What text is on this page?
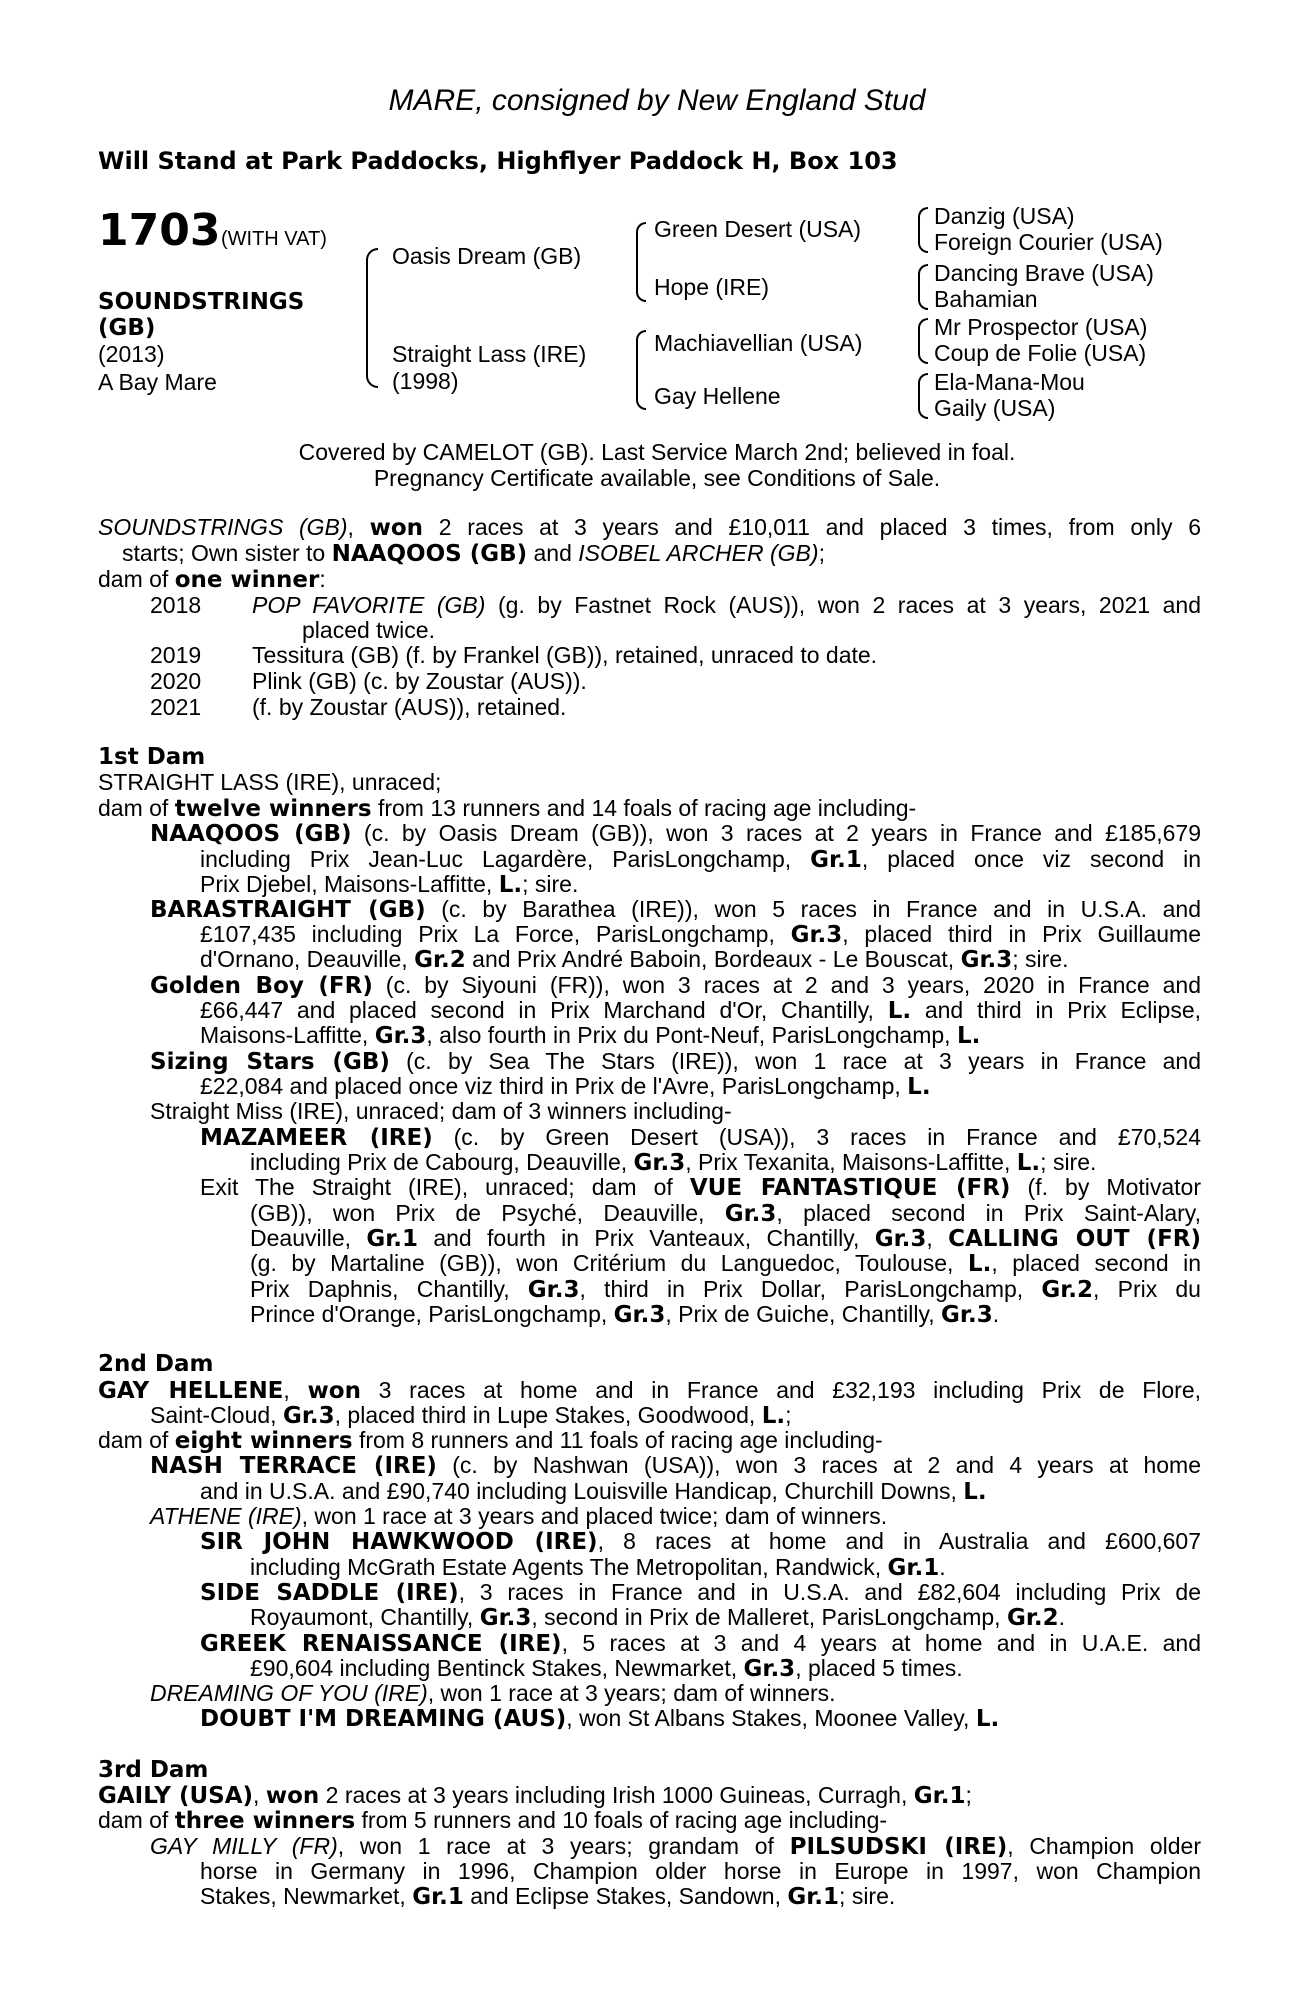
MARE, consigned by New England Stud
Will Stand at Park Paddocks, Highflyer Paddock H, Box 103
1703 (WITH VAT)
SOUNDSTRINGS
(GB)
(2013)
A Bay Mare
Oasis Dream (GB)
Straight Lass (IRE)
(1998)
Green Desert (USA)
Hope (IRE)
Machiavellian (USA)
Gay Hellene
Danzig (USA)
Foreign Courier (USA)
Dancing Brave (USA)
Bahamian
Mr Prospector (USA)
Coup de Folie (USA)
Ela-Mana-Mou
Gaily (USA)
Covered by CAMELOT (GB). Last Service March 2nd; believed in foal.
Pregnancy Certificate available, see Conditions of Sale.
SOUNDSTRINGS (GB), won 2 races at 3 years and £10,011 and placed 3 times, from only 6
starts; Own sister to NAAQOOS (GB) and ISOBEL ARCHER (GB);
dam of one winner:
2018 POP FAVORITE (GB) (g. by Fastnet Rock (AUS)), won 2 races at 3 years, 2021 and
placed twice.
2019 Tessitura (GB) (f. by Frankel (GB)), retained, unraced to date.
2020 Plink (GB) (c. by Zoustar (AUS)).
2021 (f. by Zoustar (AUS)), retained.
1st Dam
STRAIGHT LASS (IRE), unraced;
dam of twelve winners from 13 runners and 14 foals of racing age including-
NAAQOOS (GB) (c. by Oasis Dream (GB)), won 3 races at 2 years in France and £185,679
including Prix Jean-Luc Lagardère, ParisLongchamp, Gr.1, placed once viz second in
Prix Djebel, Maisons-Laffitte, L.; sire.
BARASTRAIGHT (GB) (c. by Barathea (IRE)), won 5 races in France and in U.S.A. and
£107,435 including Prix La Force, ParisLongchamp, Gr.3, placed third in Prix Guillaume
d'Ornano, Deauville, Gr.2 and Prix André Baboin, Bordeaux - Le Bouscat, Gr.3; sire.
Golden Boy (FR) (c. by Siyouni (FR)), won 3 races at 2 and 3 years, 2020 in France and
£66,447 and placed second in Prix Marchand d'Or, Chantilly, L. and third in Prix Eclipse,
Maisons-Laffitte, Gr.3, also fourth in Prix du Pont-Neuf, ParisLongchamp, L.
Sizing Stars (GB) (c. by Sea The Stars (IRE)), won 1 race at 3 years in France and
£22,084 and placed once viz third in Prix de l'Avre, ParisLongchamp, L.
Straight Miss (IRE), unraced; dam of 3 winners including-
MAZAMEER (IRE) (c. by Green Desert (USA)), 3 races in France and £70,524
including Prix de Cabourg, Deauville, Gr.3, Prix Texanita, Maisons-Laffitte, L.; sire.
Exit The Straight (IRE), unraced; dam of VUE FANTASTIQUE (FR) (f. by Motivator
(GB)), won Prix de Psyché, Deauville, Gr.3, placed second in Prix Saint-Alary,
Deauville, Gr.1 and fourth in Prix Vanteaux, Chantilly, Gr.3, CALLING OUT (FR)
(g. by Martaline (GB)), won Critérium du Languedoc, Toulouse, L., placed second in
Prix Daphnis, Chantilly, Gr.3, third in Prix Dollar, ParisLongchamp, Gr.2, Prix du
Prince d'Orange, ParisLongchamp, Gr.3, Prix de Guiche, Chantilly, Gr.3.
2nd Dam
GAY HELLENE, won 3 races at home and in France and £32,193 including Prix de Flore,
Saint-Cloud, Gr.3, placed third in Lupe Stakes, Goodwood, L.;
dam of eight winners from 8 runners and 11 foals of racing age including-
NASH TERRACE (IRE) (c. by Nashwan (USA)), won 3 races at 2 and 4 years at home
and in U.S.A. and £90,740 including Louisville Handicap, Churchill Downs, L.
ATHENE (IRE), won 1 race at 3 years and placed twice; dam of winners.
SIR JOHN HAWKWOOD (IRE), 8 races at home and in Australia and £600,607
including McGrath Estate Agents The Metropolitan, Randwick, Gr.1.
SIDE SADDLE (IRE), 3 races in France and in U.S.A. and £82,604 including Prix de
Royaumont, Chantilly, Gr.3, second in Prix de Malleret, ParisLongchamp, Gr.2.
GREEK RENAISSANCE (IRE), 5 races at 3 and 4 years at home and in U.A.E. and
£90,604 including Bentinck Stakes, Newmarket, Gr.3, placed 5 times.
DREAMING OF YOU (IRE), won 1 race at 3 years; dam of winners.
DOUBT I'M DREAMING (AUS), won St Albans Stakes, Moonee Valley, L.
3rd Dam
GAILY (USA), won 2 races at 3 years including Irish 1000 Guineas, Curragh, Gr.1;
dam of three winners from 5 runners and 10 foals of racing age including-
GAY MILLY (FR), won 1 race at 3 years; grandam of PILSUDSKI (IRE), Champion older
horse in Germany in 1996, Champion older horse in Europe in 1997, won Champion
Stakes, Newmarket, Gr.1 and Eclipse Stakes, Sandown, Gr.1; sire.
